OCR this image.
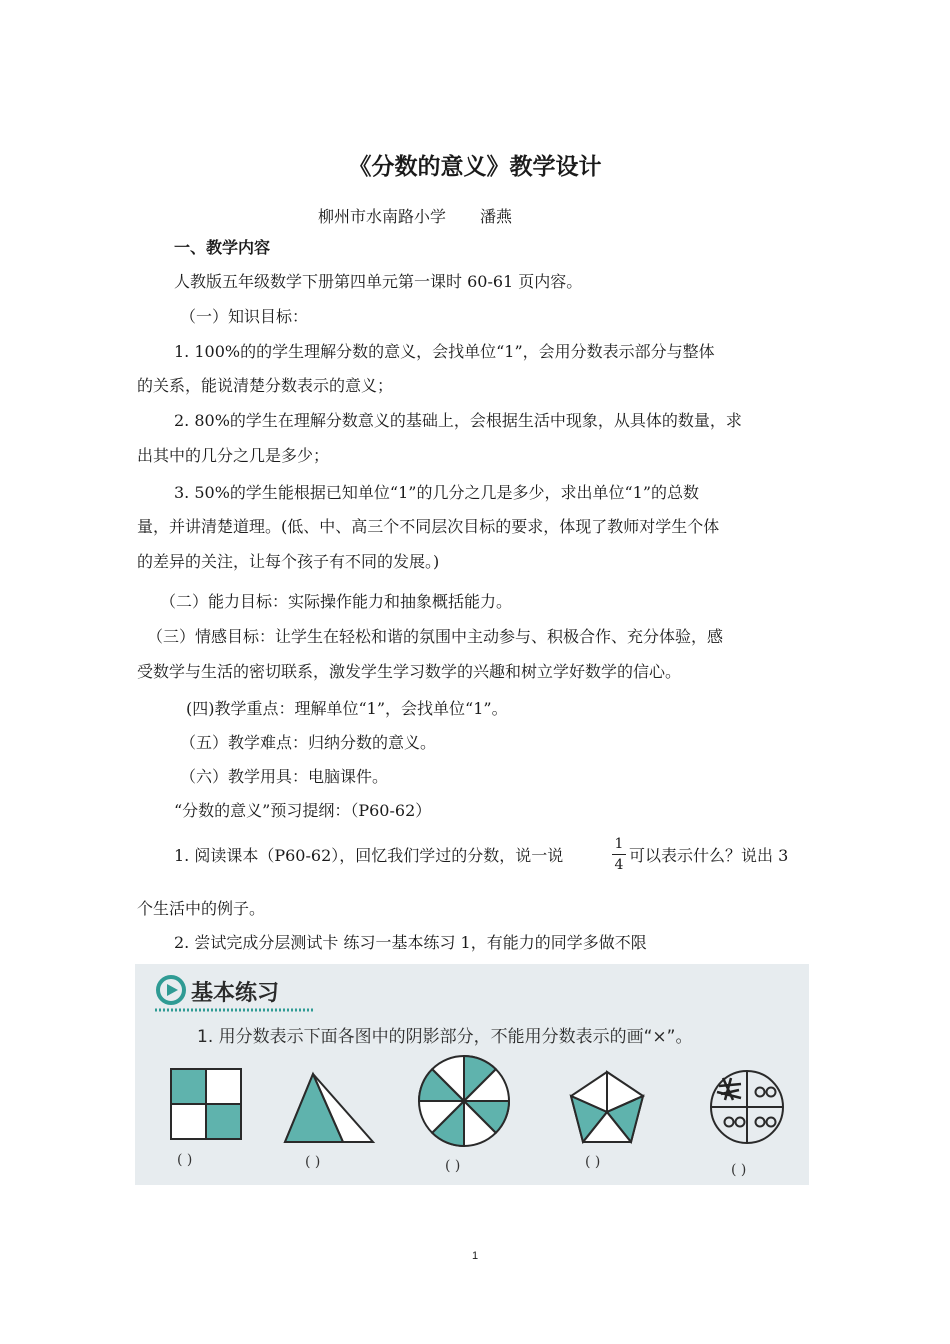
《分数的意义》教学设计
柳州市水南路小学 潘燕
一、教学内容
人教版五年级数学下册第四单元第一课时 60-61 页内容。
（一）知识目标：
1. 100%的的学生理解分数的意义，会找单位“1”，会用分数表示部分与整体
的关系，能说清楚分数表示的意义；
2. 80%的学生在理解分数意义的基础上，会根据生活中现象，从具体的数量，求
出其中的几分之几是多少；
3. 50%的学生能根据已知单位“1”的几分之几是多少，求出单位“1”的总数
量，并讲清楚道理。(低、中、高三个不同层次目标的要求，体现了教师对学生个体
的差异的关注，让每个孩子有不同的发展。)
（二）能力目标：实际操作能力和抽象概括能力。
（三）情感目标：让学生在轻松和谐的氛围中主动参与、积极合作、充分体验，感
受数学与生活的密切联系，激发学生学习数学的兴趣和树立学好数学的信心。
(四)教学重点：理解单位“1”，会找单位“1”。
（五）教学难点：归纳分数的意义。
（六）教学用具：电脑课件。
“分数的意义”预习提纲：（P60-62）
1. 阅读课本（P60-62），回忆我们学过的分数，说一说
1
4 可以表示什么？说出 3
个生活中的例子。
2. 尝试完成分层测试卡 练习一基本练习 1，有能力的同学多做不限
基本练习
1. 用分数表示下面各图中的阴影部分，不能用分数表示的画“×”。
( )	( )	( )	( )	( )
1
